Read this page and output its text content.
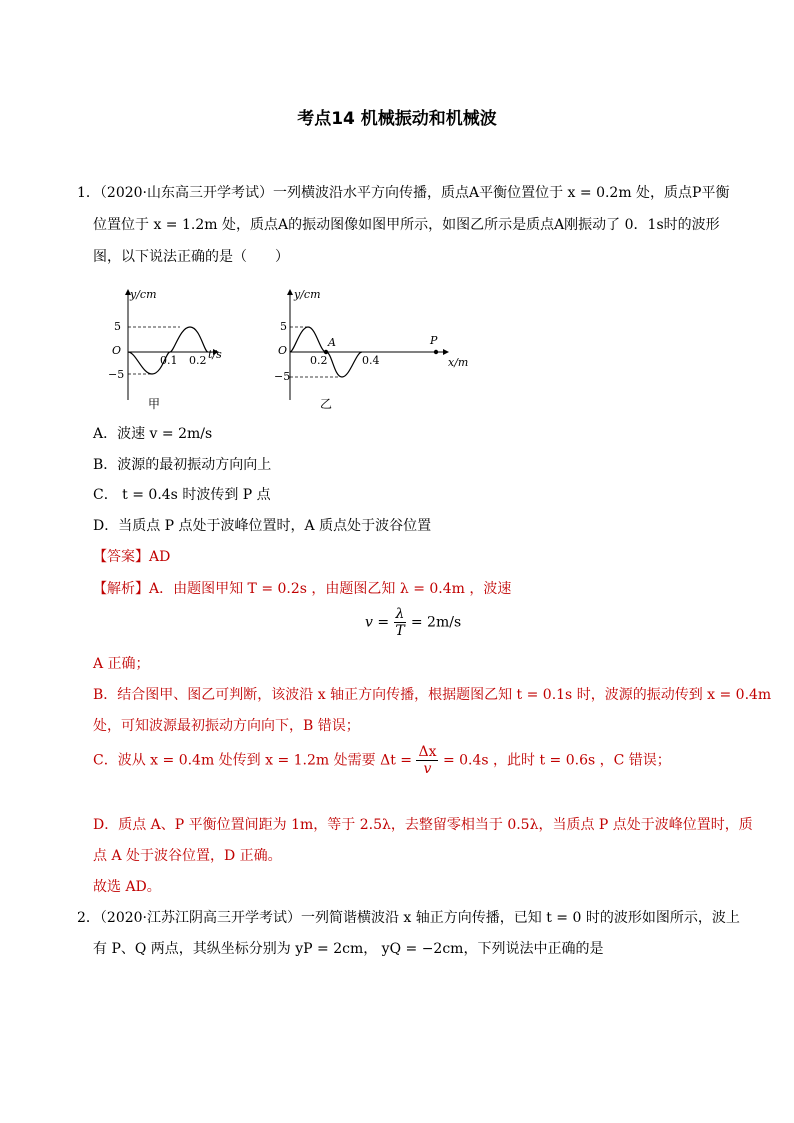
考点14 机械振动和机械波
1．（2020·山东高三开学考试）一列横波沿水平方向传播，质点A平衡位置位于 x = 0.2m 处，质点P平衡
位置位于 x = 1.2m 处，质点A的振动图像如图甲所示，如图乙所示是质点A刚振动了 0．1s时的波形
图，以下说法正确的是（　　）
y/cm
t/s
O
5
−5
0.1 0.2
甲
y/cm
x/m
O
5
−5
0.2	0.4
A	P
乙
A．波速 v = 2m/s
B．波源的最初振动方向向上
C． t = 0.4s 时波传到 P 点
D．当质点 P 点处于波峰位置时，A 质点处于波谷位置
【答案】AD
【解析】A．由题图甲知 T = 0.2s ，由题图乙知 λ = 0.4m ，波速
$v = \frac{\lambda}{T} = 2m/s$
A 正确；
B．结合图甲、图乙可判断，该波沿 x 轴正方向传播，根据题图乙知 t = 0.1s 时，波源的振动传到 x = 0.4m
处，可知波源最初振动方向向下，B 错误；
C．波从 x = 0.4m 处传到 x = 1.2m 处需要 $\Delta t = \frac{\Delta x}{v} = 0.4s$ ，此时 t = 0.6s ，C 错误；
D．质点 A、P 平衡位置间距为 1m，等于 2.5λ，去整留零相当于 0.5λ，当质点 P 点处于波峰位置时，质
点 A 处于波谷位置，D 正确。
故选 AD。
2．（2020·江苏江阴高三开学考试）一列简谐横波沿 x 轴正方向传播，已知 t = 0 时的波形如图所示，波上
有 P、Q 两点，其纵坐标分别为 yP = 2cm， yQ = −2cm，下列说法中正确的是
